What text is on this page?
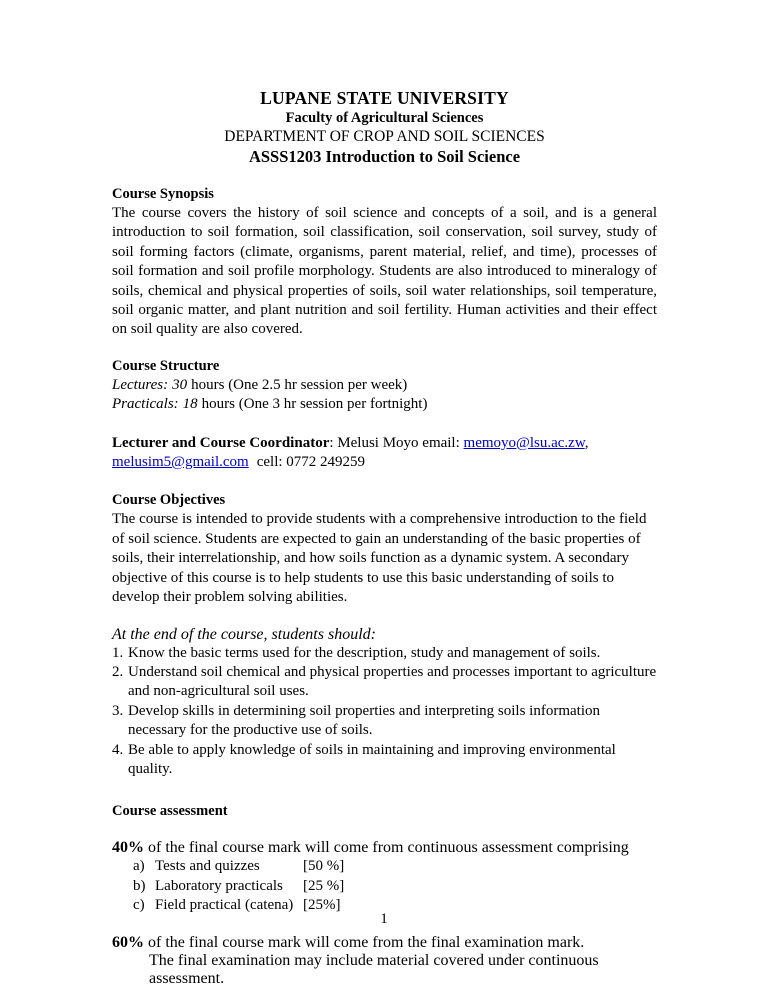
LUPANE STATE UNIVERSITY
Faculty of Agricultural Sciences
DEPARTMENT OF CROP AND SOIL SCIENCES
ASSS1203 Introduction to Soil Science
Course Synopsis

The course covers the history of soil science and concepts of a soil, and is a general introduction to soil formation, soil classification, soil conservation, soil survey, study of soil forming factors (climate, organisms, parent material, relief, and time), processes of soil formation and soil profile morphology. Students are also introduced to mineralogy of soils, chemical and physical properties of soils, soil water relationships, soil temperature, soil organic matter, and plant nutrition and soil fertility. Human activities and their effect on soil quality are also covered.

Course Structure
Lectures: 30 hours (One 2.5 hr session per week)
Practicals: 18 hours (One 3 hr session per fortnight)
Lecturer and Course Coordinator: Melusi Moyo email: memoyo@lsu.ac.zw,
melusim5@gmail.com cell: 0772 249259
Course Objectives

The course is intended to provide students with a comprehensive introduction to the field of soil science. Students are expected to gain an understanding of the basic properties of soils, their interrelationship, and how soils function as a dynamic system. A secondary objective of this course is to help students to use this basic understanding of soils to develop their problem solving abilities.

At the end of the course, students should:
1. Know the basic terms used for the description, study and management of soils.
2. Understand soil chemical and physical properties and processes important to agriculture and non-agricultural soil uses.
3. Develop skills in determining soil properties and interpreting soils information necessary for the productive use of soils.
4. Be able to apply knowledge of soils in maintaining and improving environmental quality.
Course assessment
40% of the final course mark will come from continuous assessment comprising
a) Tests and quizzes	[50 %]
b) Laboratory practicals	[25 %]
c) Field practical (catena) [25%]
60% of the final course mark will come from the final examination mark.
The final examination may include material covered under continuous assessment.
1
